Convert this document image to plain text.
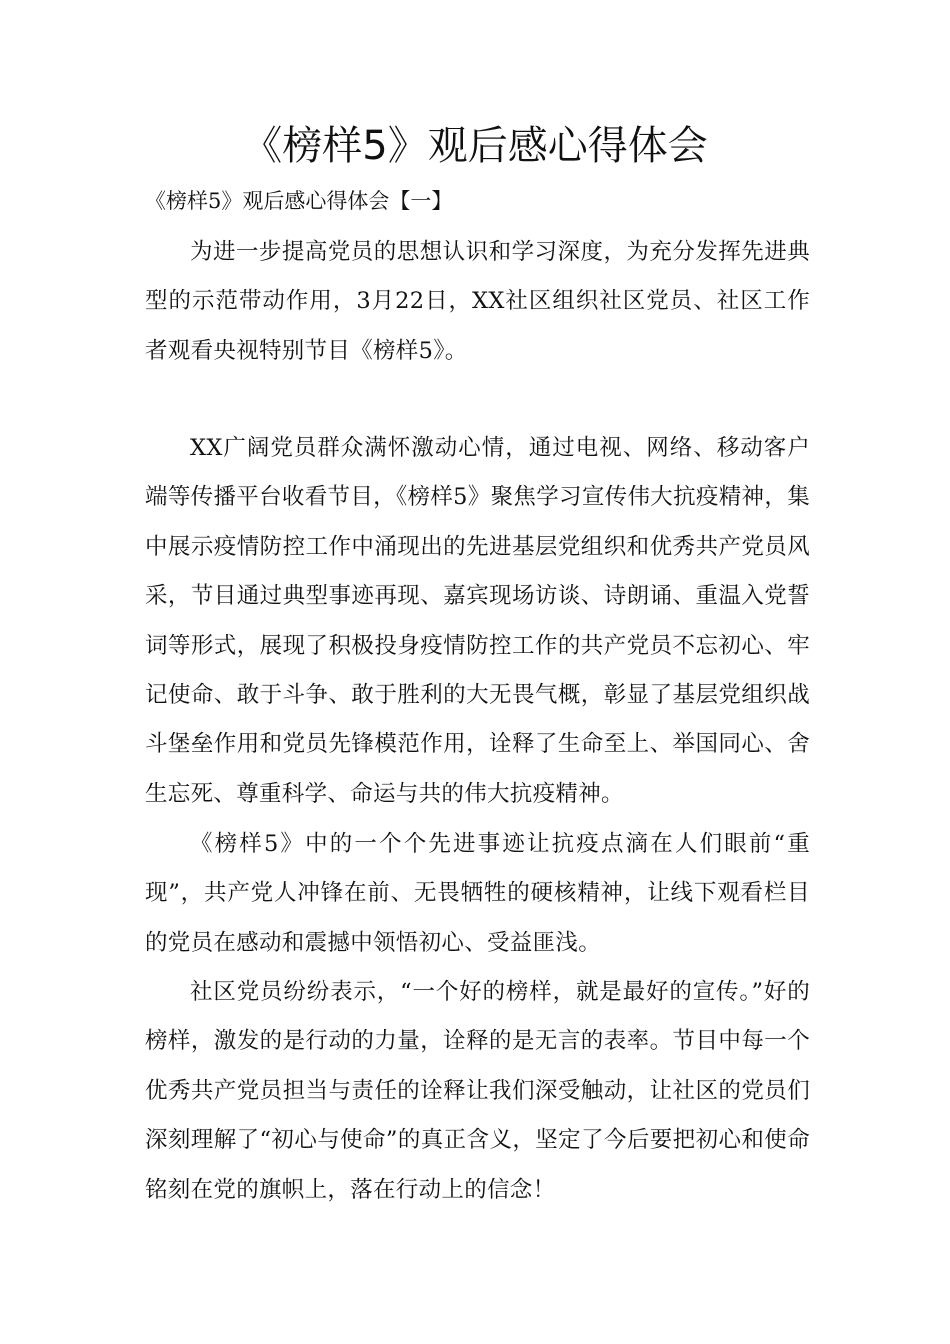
《榜样5》观后感心得体会

《榜样5》观后感心得体会【一】

为进一步提高党员的思想认识和学习深度，为充分发挥先进典型的示范带动作用，3月22日，XX社区组织社区党员、社区工作者观看央视特别节目《榜样5》。

XX广阔党员群众满怀激动心情，通过电视、网络、移动客户端等传播平台收看节目，《榜样5》聚焦学习宣传伟大抗疫精神，集中展示疫情防控工作中涌现出的先进基层党组织和优秀共产党员风采，节目通过典型事迹再现、嘉宾现场访谈、诗朗诵、重温入党誓词等形式，展现了积极投身疫情防控工作的共产党员不忘初心、牢记使命、敢于斗争、敢于胜利的大无畏气概，彰显了基层党组织战斗堡垒作用和党员先锋模范作用，诠释了生命至上、举国同心、舍生忘死、尊重科学、命运与共的伟大抗疫精神。

《榜样5》中的一个个先进事迹让抗疫点滴在人们眼前“重现”，共产党人冲锋在前、无畏牺牲的硬核精神，让线下观看栏目的党员在感动和震撼中领悟初心、受益匪浅。

社区党员纷纷表示，“一个好的榜样，就是最好的宣传。”好的榜样，激发的是行动的力量，诠释的是无言的表率。节目中每一个优秀共产党员担当与责任的诠释让我们深受触动，让社区的党员们深刻理解了“初心与使命”的真正含义，坚定了今后要把初心和使命铭刻在党的旗帜上，落在行动上的信念！
